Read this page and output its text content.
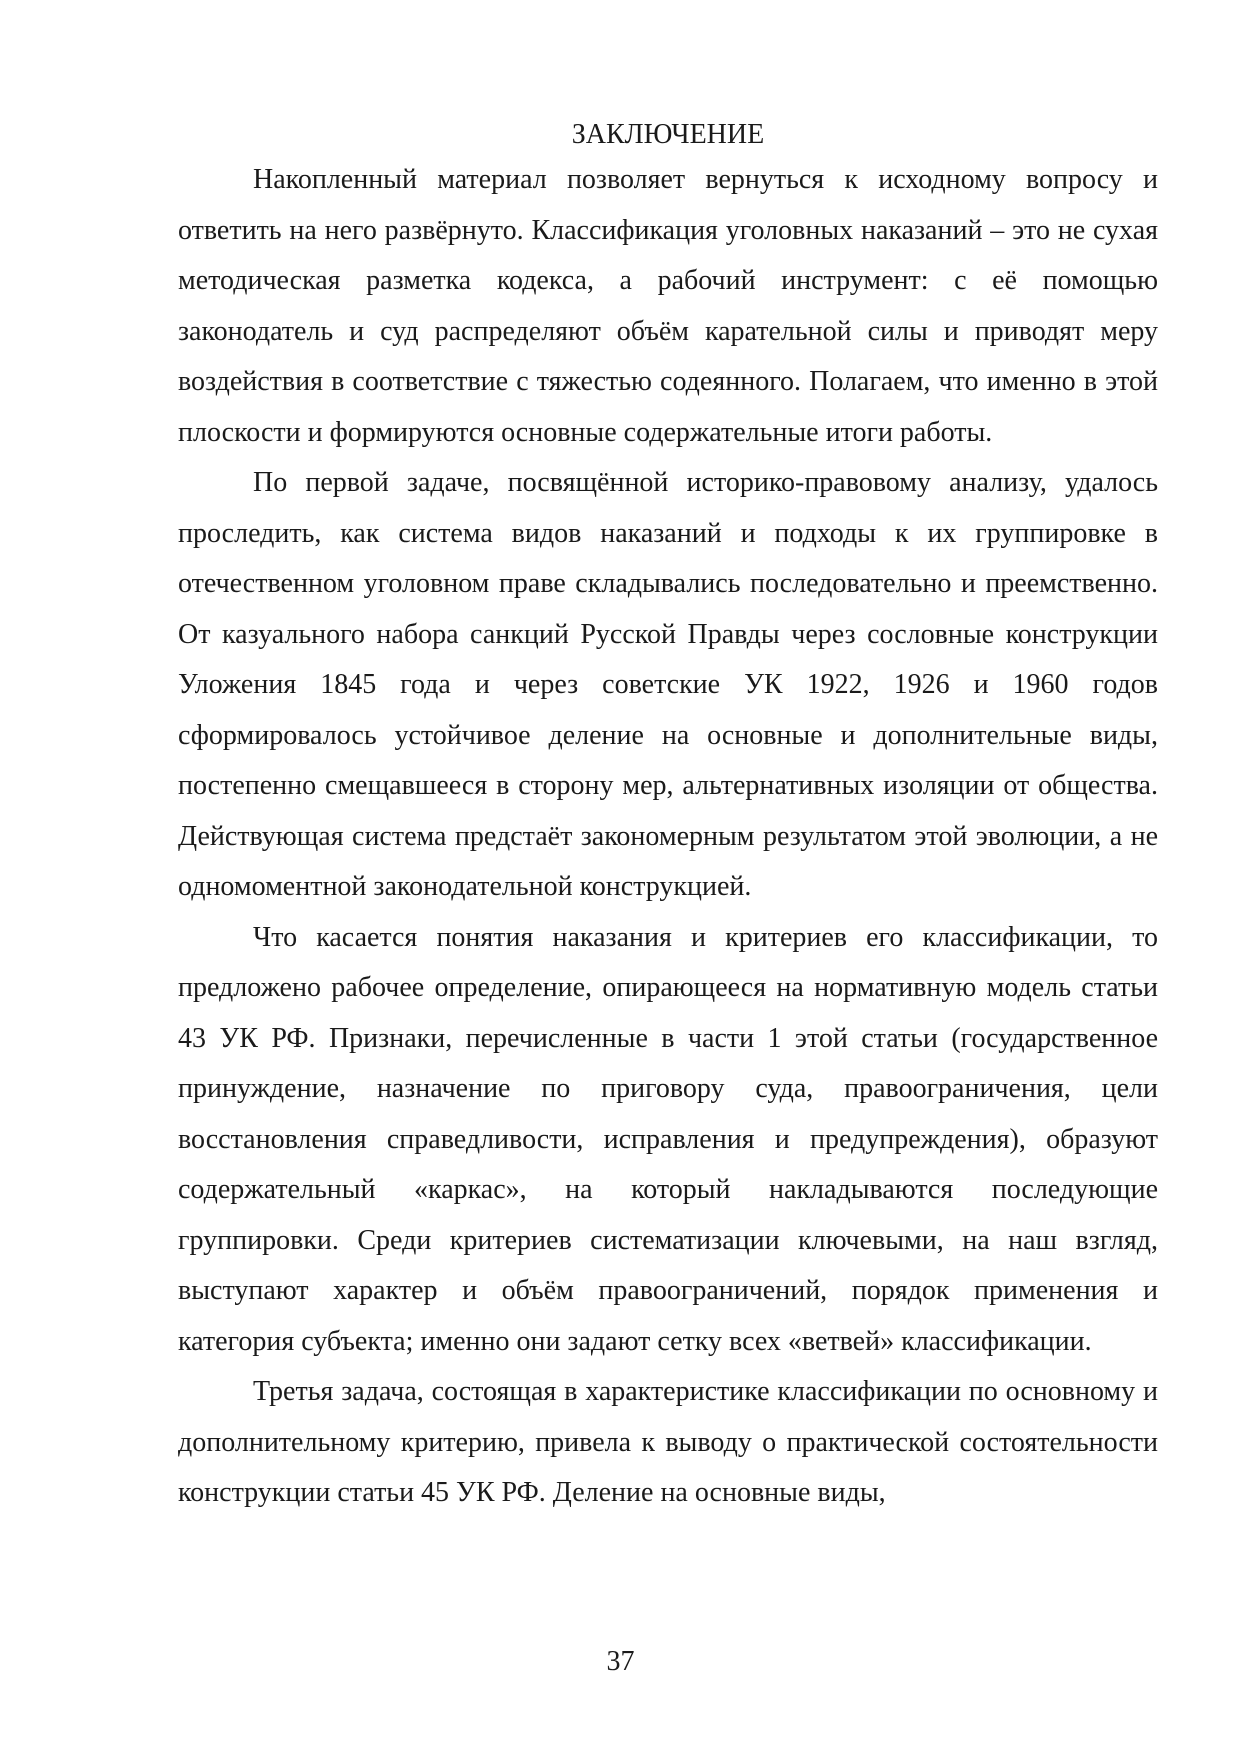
ЗАКЛЮЧЕНИЕ

Накопленный материал позволяет вернуться к исходному вопросу и ответить на него развёрнуто. Классификация уголовных наказаний – это не сухая методическая разметка кодекса, а рабочий инструмент: с её помощью законодатель и суд распределяют объём карательной силы и приводят меру воздействия в соответствие с тяжестью содеянного. Полагаем, что именно в этой плоскости и формируются основные содержательные итоги работы.

По первой задаче, посвящённой историко-правовому анализу, удалось проследить, как система видов наказаний и подходы к их группировке в отечественном уголовном праве складывались последовательно и преемственно. От казуального набора санкций Русской Правды через сословные конструкции Уложения 1845 года и через советские УК 1922, 1926 и 1960 годов сформировалось устойчивое деление на основные и дополнительные виды, постепенно смещавшееся в сторону мер, альтернативных изоляции от общества. Действующая система предстаёт закономерным результатом этой эволюции, а не одномоментной законодательной конструкцией.

Что касается понятия наказания и критериев его классификации, то предложено рабочее определение, опирающееся на нормативную модель статьи 43 УК РФ. Признаки, перечисленные в части 1 этой статьи (государственное принуждение, назначение по приговору суда, правоограничения, цели восстановления справедливости, исправления и предупреждения), образуют содержательный «каркас», на который накладываются последующие группировки. Среди критериев систематизации ключевыми, на наш взгляд, выступают характер и объём правоограничений, порядок применения и категория субъекта; именно они задают сетку всех «ветвей» классификации.

Третья задача, состоящая в характеристике классификации по основному и дополнительному критерию, привела к выводу о практической состоятельности конструкции статьи 45 УК РФ. Деление на основные виды,

37
